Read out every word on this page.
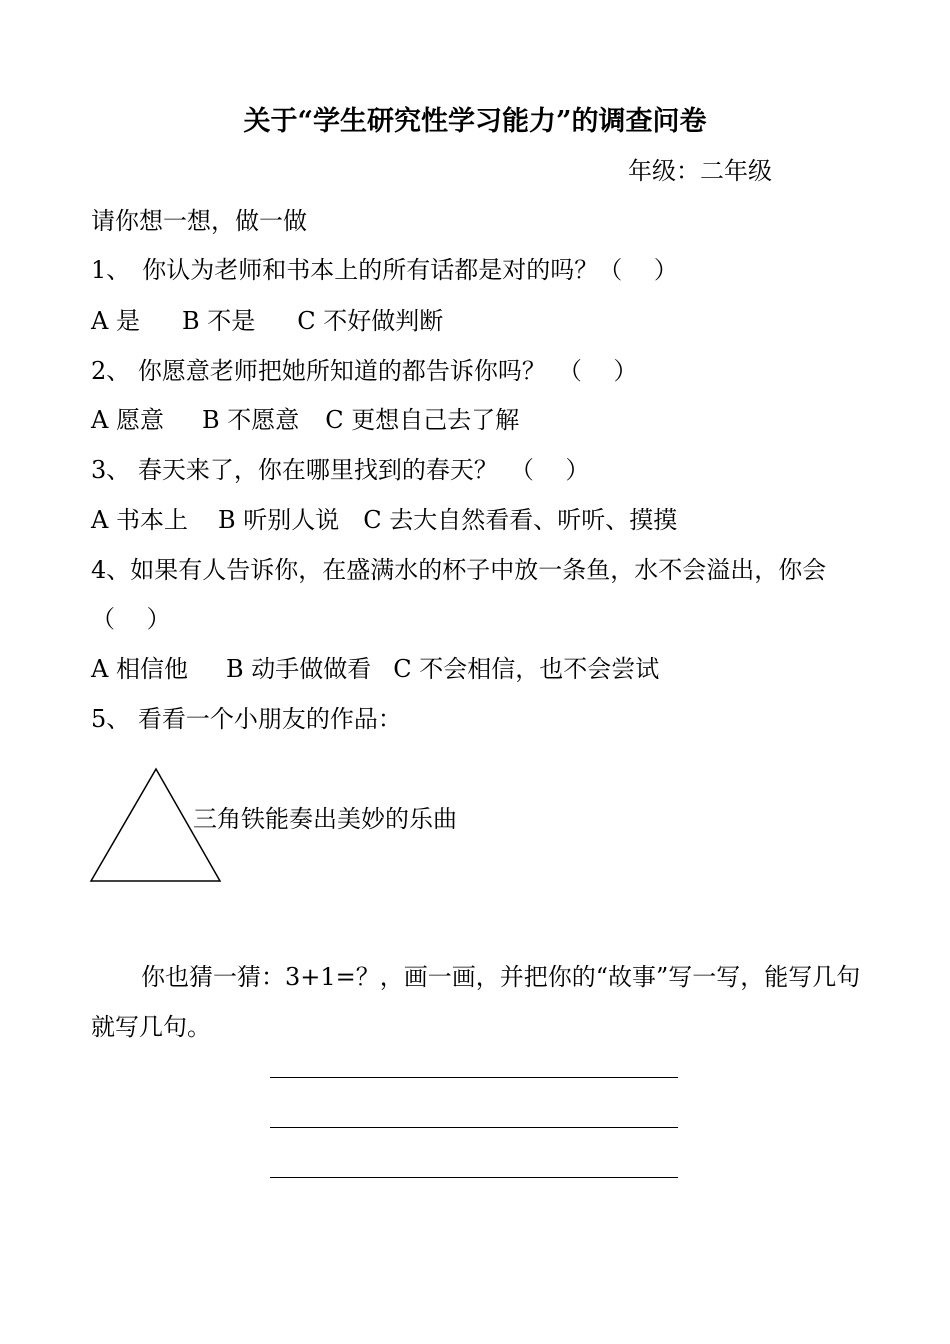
关于“学生研究性学习能力”的调查问卷
年级：二年级
请你想一想，做一做
1、　你认为老师和书本上的所有话都是对的吗？（　 ）
A 是 B 不是 C 不好做判断
2、 你愿意老师把她所知道的都告诉你吗？　（　 ）
A 愿意 B 不愿意 C 更想自己去了解
3、 春天来了，你在哪里找到的春天？　（　 ）
A 书本上 B 听别人说 C 去大自然看看、听听、摸摸
4、如果有人告诉你，在盛满水的杯子中放一条鱼，水不会溢出，你会
（　 ）
A 相信他 B 动手做做看 C 不会相信，也不会尝试
5、 看看一个小朋友的作品：
三角铁能奏出美妙的乐曲
你也猜一猜：3+1=？，画一画，并把你的“故事”写一写，能写几句就写几句。
